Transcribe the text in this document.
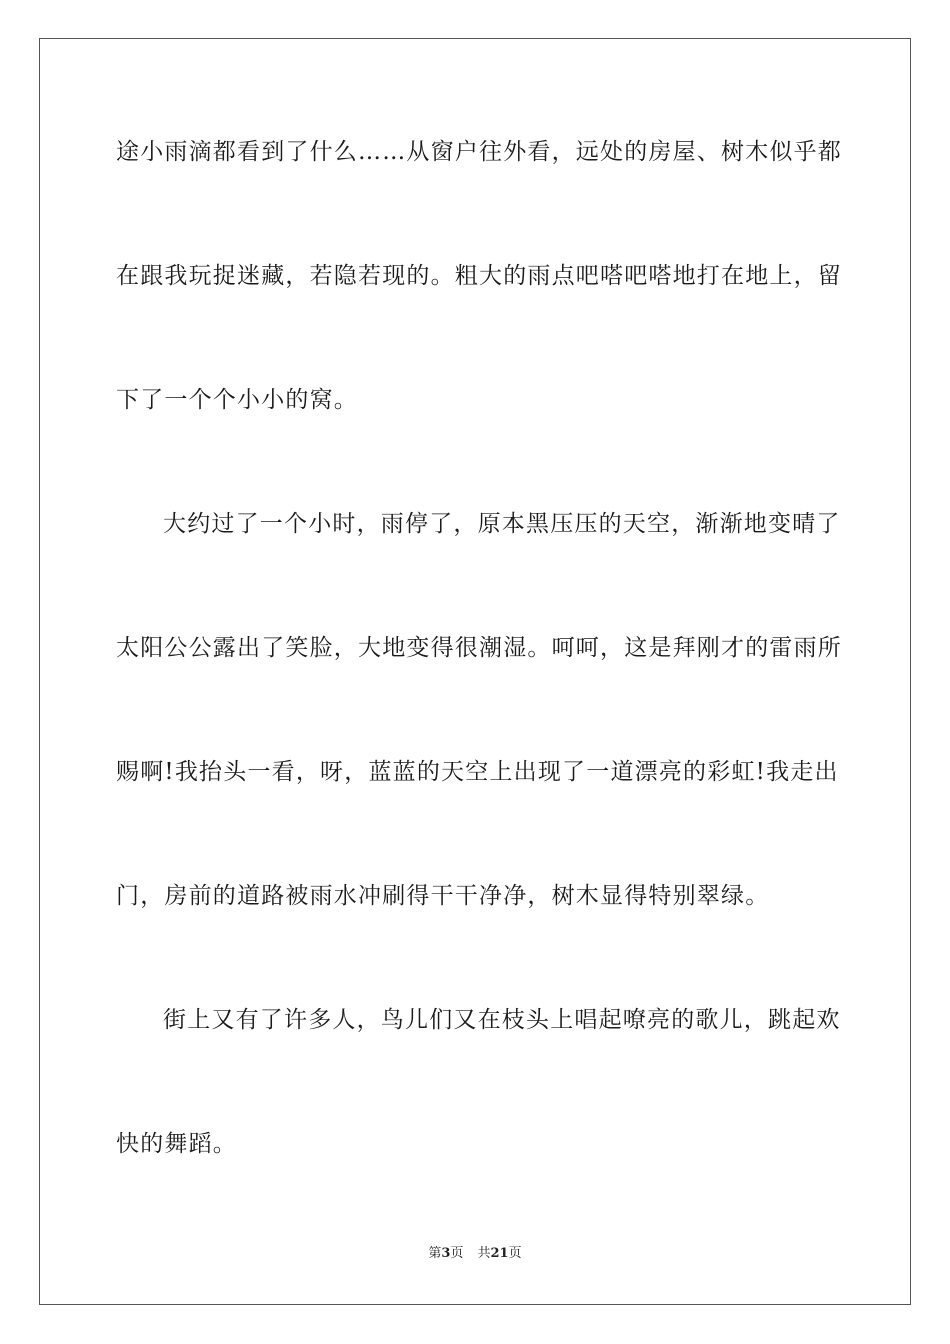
途小雨滴都看到了什么……从窗户往外看，远处的房屋、树木似乎都
在跟我玩捉迷藏，若隐若现的。粗大的雨点吧嗒吧嗒地打在地上，留
下了一个个小小的窝。
大约过了一个小时，雨停了，原本黑压压的天空，渐渐地变晴了
太阳公公露出了笑脸，大地变得很潮湿。呵呵，这是拜刚才的雷雨所
赐啊!我抬头一看，呀，蓝蓝的天空上出现了一道漂亮的彩虹!我走出
门，房前的道路被雨水冲刷得干干净净，树木显得特别翠绿。
街上又有了许多人，鸟儿们又在枝头上唱起嘹亮的歌儿，跳起欢
快的舞蹈。
第3页 共21页
